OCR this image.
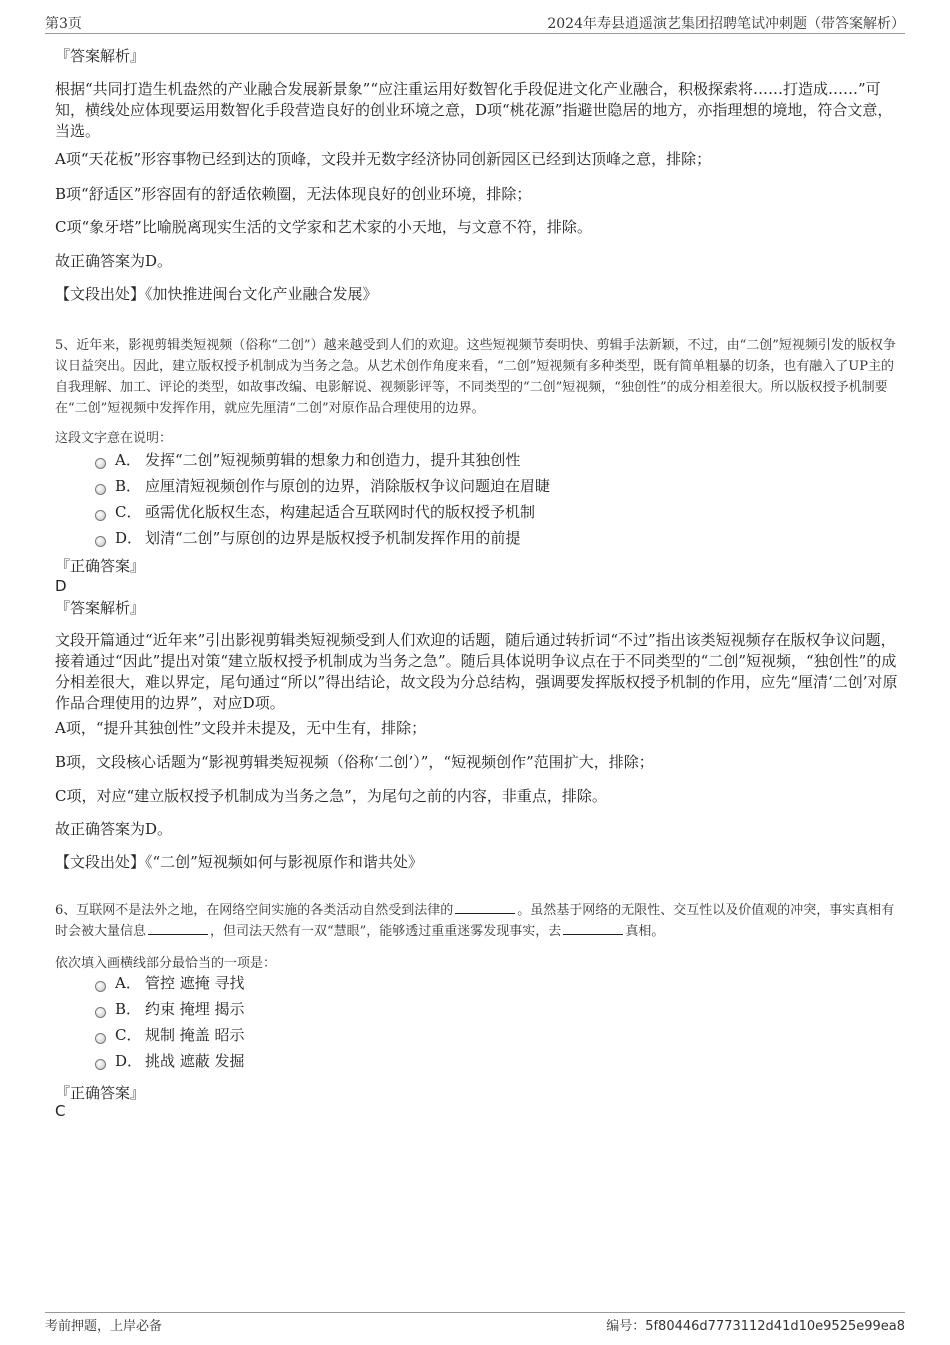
第3页	2024年寿县逍遥演艺集团招聘笔试冲刺题（带答案解析）

『答案解析』

根据“共同打造生机盎然的产业融合发展新景象”“应注重运用好数智化手段促进文化产业融合，积极探索将……打造成……”可知，横线处应体现要运用数智化手段营造良好的创业环境之意，D项“桃花源”指避世隐居的地方，亦指理想的境地，符合文意，当选。

A项“天花板”形容事物已经到达的顶峰，文段并无数字经济协同创新园区已经到达顶峰之意，排除；

B项“舒适区”形容固有的舒适依赖圈，无法体现良好的创业环境，排除；

C项“象牙塔”比喻脱离现实生活的文学家和艺术家的小天地，与文意不符，排除。

故正确答案为D。

【文段出处】《加快推进闽台文化产业融合发展》

5、近年来，影视剪辑类短视频（俗称“二创”）越来越受到人们的欢迎。这些短视频节奏明快、剪辑手法新颖，不过，由“二创”短视频引发的版权争议日益突出。因此，建立版权授予机制成为当务之急。从艺术创作角度来看，“二创”短视频有多种类型，既有简单粗暴的切条，也有融入了UP主的自我理解、加工、评论的类型，如故事改编、电影解说、视频影评等，不同类型的“二创”短视频，“独创性”的成分相差很大。所以版权授予机制要在“二创”短视频中发挥作用，就应先厘清“二创”对原作品合理使用的边界。

这段文字意在说明：

A． 发挥“二创”短视频剪辑的想象力和创造力，提升其独创性
B． 应厘清短视频创作与原创的边界，消除版权争议问题迫在眉睫
C． 亟需优化版权生态，构建起适合互联网时代的版权授予机制
D． 划清“二创”与原创的边界是版权授予机制发挥作用的前提

『正确答案』

D

『答案解析』

文段开篇通过“近年来”引出影视剪辑类短视频受到人们欢迎的话题，随后通过转折词“不过”指出该类短视频存在版权争议问题，接着通过“因此”提出对策“建立版权授予机制成为当务之急”。随后具体说明争议点在于不同类型的“二创”短视频，“独创性”的成分相差很大，难以界定，尾句通过“所以”得出结论，故文段为分总结构，强调要发挥版权授予机制的作用，应先“厘清‘二创’对原作品合理使用的边界”，对应D项。

A项，“提升其独创性”文段并未提及，无中生有，排除；

B项，文段核心话题为“影视剪辑类短视频（俗称‘二创’）”，“短视频创作”范围扩大，排除；

C项，对应“建立版权授予机制成为当务之急”，为尾句之前的内容，非重点，排除。

故正确答案为D。

【文段出处】《“二创”短视频如何与影视原作和谐共处》

6、互联网不是法外之地，在网络空间实施的各类活动自然受到法律的	。虽然基于网络的无限性、交互性以及价值观的冲突，事实真相有时会被大量信息	，但司法天然有一双“慧眼”，能够透过重重迷雾发现事实，去	真相。

依次填入画横线部分最恰当的一项是：

A． 管控 遮掩 寻找
B． 约束 掩埋 揭示
C． 规制 掩盖 昭示
D． 挑战 遮蔽 发掘

『正确答案』

C

考前押题，上岸必备	编号：5f80446d7773112d41d10e9525e99ea8
